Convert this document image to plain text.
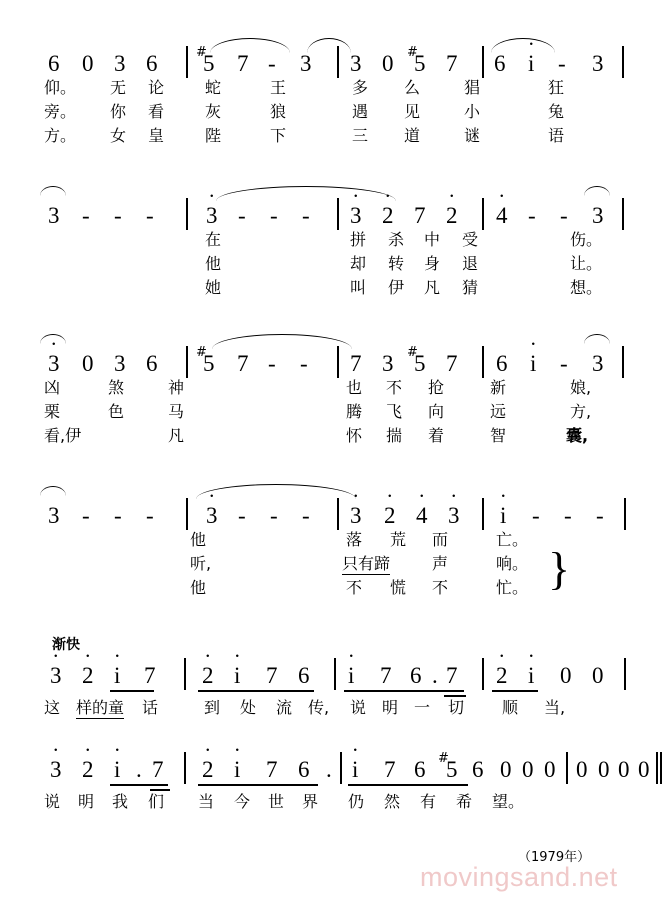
6 0 3 6	#
5 7 - 3 3 0 #
5 7 6 · i - 3
仰。 无 论	蛇	王	多 么	猖	狂
旁。 你 看	灰	狼	遇 见	小	兔
方。 女 皇	陛	下	三 道	谜	语
3 - - - · 3 - - - · 3 · 2 7 · 2 · 4 - - 3
在	拼 杀 中 受	伤。
他	却 转 身 退	让。
她	叫 伊 凡 猜	想。
· 3 0 3 6	#
5 7 - - 7 3 #
5 7 6 · i - 3
凶	煞	神	也 不 抢	新	娘,
栗	色	马	腾 飞 向	远	方,
看,伊	凡	怀 揣 着	智	囊,
3 - - - · 3 - - - · 3 · 2 · 4 · 3 · i - - -
他	落 荒 而	亡。
听,	只有蹄	声	响。
他	不 慌 不	忙。 }
渐快
· 3 · 2 · i 7 · 2 · i 7 6 · i 7 6 . 7 · 2 · i 0 0
这 样的童 话	到 处 流 传, 说 明 一 切 顺 当,
· 3 · 2 · i . 7 · 2 · i 7 6 . · i 7 6 #
5 6 0 0 0 0 0 0 0
说 明 我 们 当 今 世 界 仍 然 有 希 望。
（1979年）
movingsand.net
